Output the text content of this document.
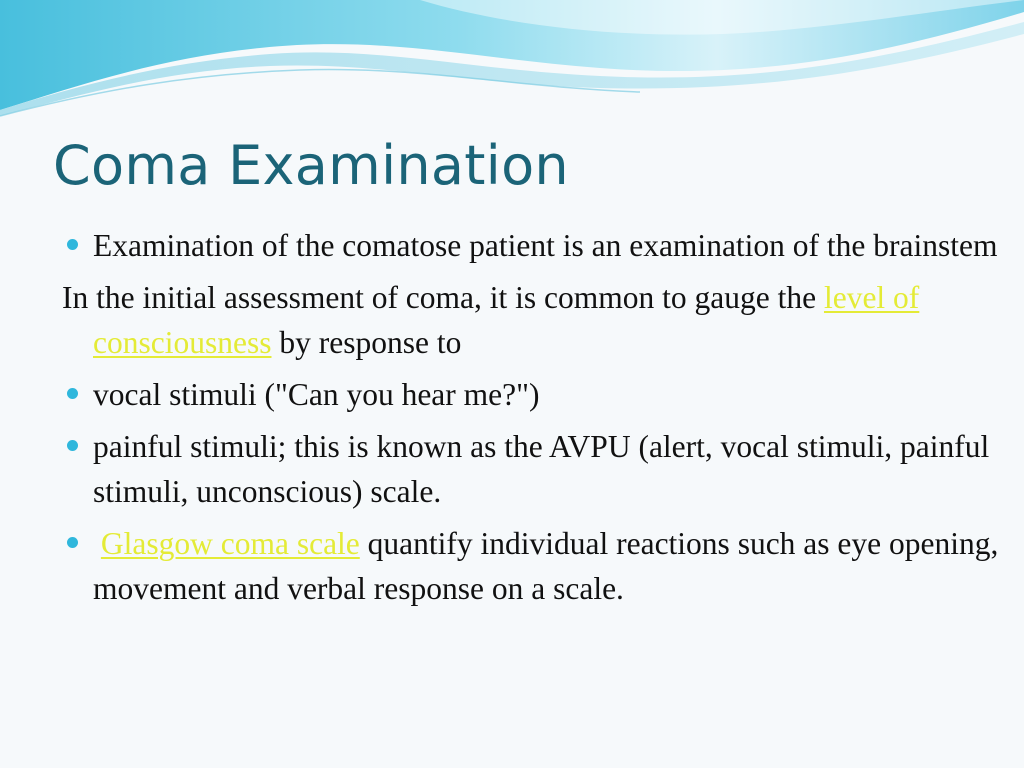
Coma Examination
Examination of the comatose patient is an examination of the brainstem
In the initial assessment of coma, it is common to gauge the level of consciousness by response to
vocal stimuli ("Can you hear me?")
painful stimuli; this is known as the AVPU (alert, vocal stimuli, painful stimuli, unconscious) scale.
Glasgow coma scale quantify individual reactions such as eye opening, movement and verbal response on a scale.
